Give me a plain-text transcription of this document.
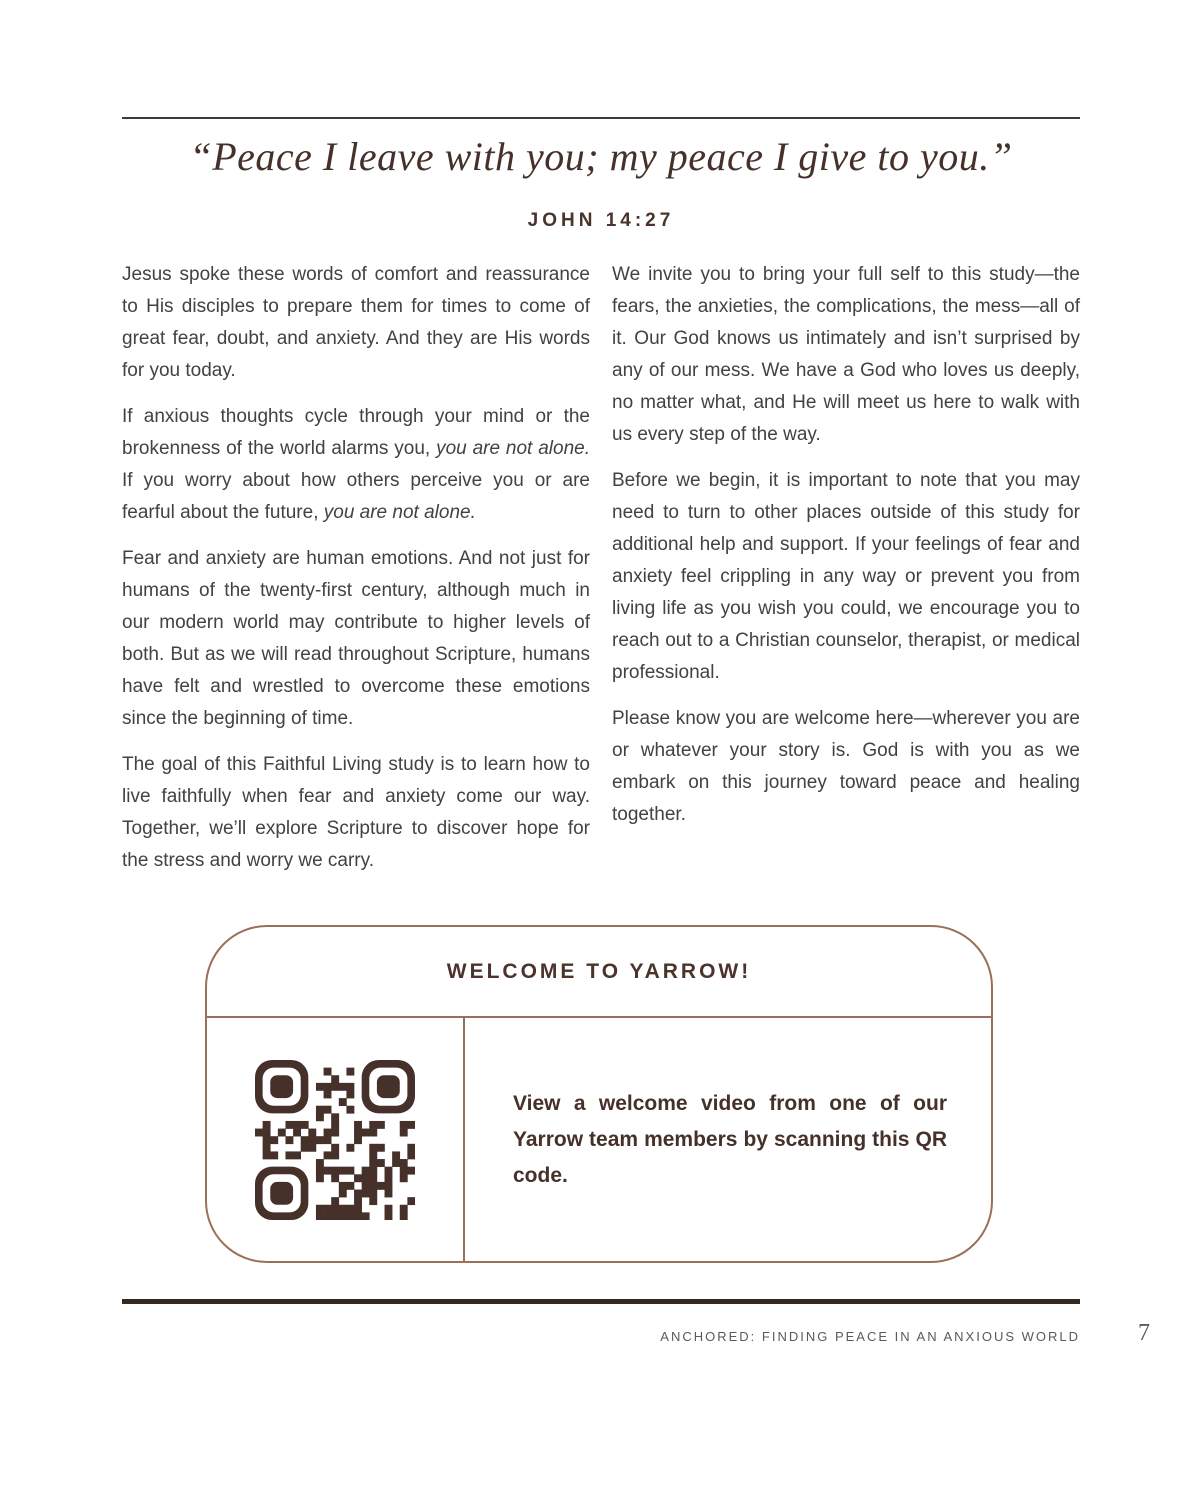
“Peace I leave with you; my peace I give to you.”
JOHN 14:27

Jesus spoke these words of comfort and reassurance to His disciples to prepare them for times to come of great fear, doubt, and anxiety. And they are His words for you today.

If anxious thoughts cycle through your mind or the brokenness of the world alarms you, you are not alone. If you worry about how others perceive you or are fearful about the future, you are not alone.

Fear and anxiety are human emotions. And not just for humans of the twenty-first century, although much in our modern world may contribute to higher levels of both. But as we will read throughout Scripture, humans have felt and wrestled to overcome these emotions since the beginning of time.

The goal of this Faithful Living study is to learn how to live faithfully when fear and anxiety come our way. Together, we’ll explore Scripture to discover hope for the stress and worry we carry.

We invite you to bring your full self to this study—the fears, the anxieties, the complications, the mess—all of it. Our God knows us intimately and isn’t surprised by any of our mess. We have a God who loves us deeply, no matter what, and He will meet us here to walk with us every step of the way.

Before we begin, it is important to note that you may need to turn to other places outside of this study for additional help and support. If your feelings of fear and anxiety feel crippling in any way or prevent you from living life as you wish you could, we encourage you to reach out to a Christian counselor, therapist, or medical professional.

Please know you are welcome here—wherever you are or whatever your story is. God is with you as we embark on this journey toward peace and healing together.

WELCOME TO YARROW!

View a welcome video from one of our Yarrow team members by scanning this QR code.

ANCHORED: FINDING PEACE IN AN ANXIOUS WORLD 7
